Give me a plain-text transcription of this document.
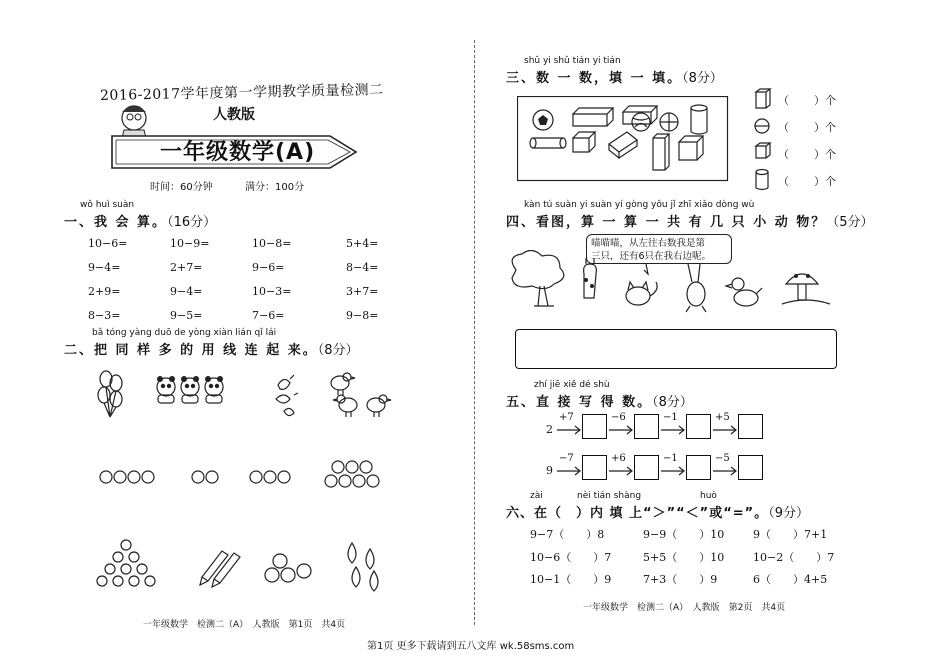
2016-2017学年度第一学期教学质量检测二
人教版
一年级数学(A)
时间：60分钟	满分：100分
wǒ huì suàn
一、我 会 算。（16分）
10−6=	10−9=	10−8=	5+4=
9−4=	2+7=	9−6=	8−4=
2+9=	9−4=	10−3=	3+7=
8−3=	9−5=	7−6=	9−8=
bǎ tóng yàng duō de yòng xiàn lián qǐ lái
二、把 同 样 多 的 用 线 连 起 来。（8分）
一年级数学　检测二（A）　人教版　第1页　共4页
shǔ yi shǔ tián yi tián
三、数 一 数，填 一 填。（8分）
（ ）个
（ ）个
（ ）个
（ ）个
kàn tú suàn yi suàn yí gòng yǒu jǐ zhī xiǎo dòng wù
四、看图，算 一 算 一 共 有 几 只 小 动 物？（5分）
喵喵喵，从左往右数我是第
三只，还有6只在我右边呢。
zhí jiē xiě dé shù
五、直 接 写 得 数。（8分）
2
+7	−6	−1	+5
9
−7	+6	−1	−5
zài	nèi tián shàng	huò
六、在（　）内 填 上“＞”“＜”或“=”。（9分）
9−7（　　）8	9−9（　　）10	9（　　）7+1
10−6（　　）7	5+5（　　）10	10−2（　　）7
10−1（　　）9	7+3（　　）9	6（　　）4+5
一年级数学　检测二（A）　人教版　第2页　共4页
第1页 更多下载请到五八文库 wk.58sms.com
